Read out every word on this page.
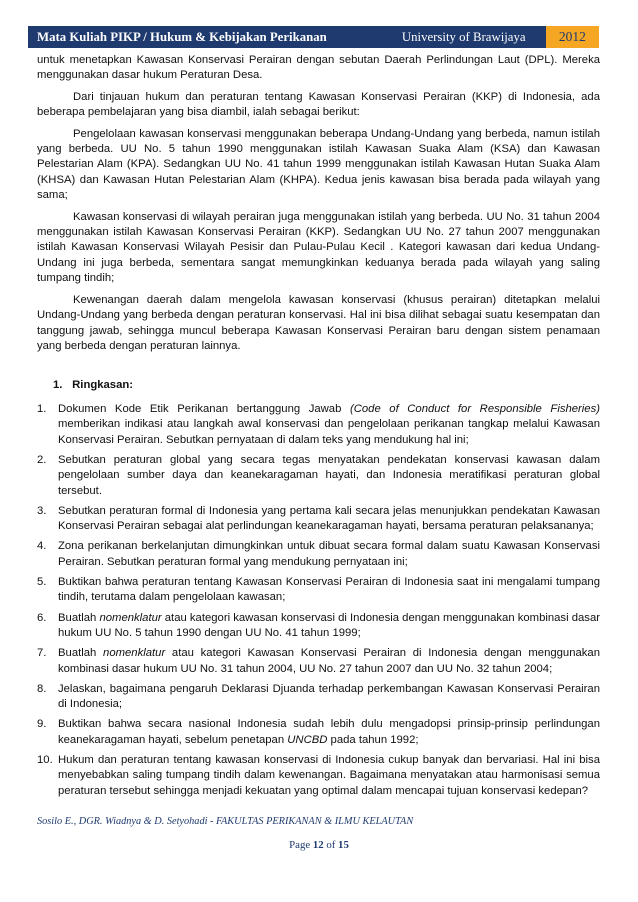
Mata Kuliah PIKP / Hukum & Kebijakan Perikanan	University of Brawijaya	2012

untuk menetapkan Kawasan Konservasi Perairan dengan sebutan Daerah Perlindungan Laut (DPL). Mereka menggunakan dasar hukum Peraturan Desa.

Dari tinjauan hukum dan peraturan tentang Kawasan Konservasi Perairan (KKP) di Indonesia, ada beberapa pembelajaran yang bisa diambil, ialah sebagai berikut:

Pengelolaan kawasan konservasi menggunakan beberapa Undang-Undang yang berbeda, namun istilah yang berbeda. UU No. 5 tahun 1990 menggunakan istilah Kawasan Suaka Alam (KSA) dan Kawasan Pelestarian Alam (KPA). Sedangkan UU No. 41 tahun 1999 menggunakan istilah Kawasan Hutan Suaka Alam (KHSA) dan Kawasan Hutan Pelestarian Alam (KHPA). Kedua jenis kawasan bisa berada pada wilayah yang sama;

Kawasan konservasi di wilayah perairan juga menggunakan istilah yang berbeda. UU No. 31 tahun 2004 menggunakan istilah Kawasan Konservasi Perairan (KKP). Sedangkan UU No. 27 tahun 2007 menggunakan istilah Kawasan Konservasi Wilayah Pesisir dan Pulau-Pulau Kecil . Kategori kawasan dari kedua Undang-Undang ini juga berbeda, sementara sangat memungkinkan keduanya berada pada wilayah yang saling tumpang tindih;

Kewenangan daerah dalam mengelola kawasan konservasi (khusus perairan) ditetapkan melalui Undang-Undang yang berbeda dengan peraturan konservasi. Hal ini bisa dilihat sebagai suatu kesempatan dan tanggung jawab, sehingga muncul beberapa Kawasan Konservasi Perairan baru dengan sistem penamaan yang berbeda dengan peraturan lainnya.

1. Ringkasan:
1. Dokumen Kode Etik Perikanan bertanggung Jawab (Code of Conduct for Responsible Fisheries) memberikan indikasi atau langkah awal konservasi dan pengelolaan perikanan tangkap melalui Kawasan Konservasi Perairan. Sebutkan pernyataan di dalam teks yang mendukung hal ini;
2. Sebutkan peraturan global yang secara tegas menyatakan pendekatan konservasi kawasan dalam pengelolaan sumber daya dan keanekaragaman hayati, dan Indonesia meratifikasi peraturan global tersebut.
3. Sebutkan peraturan formal di Indonesia yang pertama kali secara jelas menunjukkan pendekatan Kawasan Konservasi Perairan sebagai alat perlindungan keanekaragaman hayati, bersama peraturan pelaksananya;
4. Zona perikanan berkelanjutan dimungkinkan untuk dibuat secara formal dalam suatu Kawasan Konservasi Perairan. Sebutkan peraturan formal yang mendukung pernyataan ini;
5. Buktikan bahwa peraturan tentang Kawasan Konservasi Perairan di Indonesia saat ini mengalami tumpang tindih, terutama dalam pengelolaan kawasan;
6. Buatlah nomenklatur atau kategori kawasan konservasi di Indonesia dengan menggunakan kombinasi dasar hukum UU No. 5 tahun 1990 dengan UU No. 41 tahun 1999;
7. Buatlah nomenklatur atau kategori Kawasan Konservasi Perairan di Indonesia dengan menggunakan kombinasi dasar hukum UU No. 31 tahun 2004, UU No. 27 tahun 2007 dan UU No. 32 tahun 2004;
8. Jelaskan, bagaimana pengaruh Deklarasi Djuanda terhadap perkembangan Kawasan Konservasi Perairan di Indonesia;
9. Buktikan bahwa secara nasional Indonesia sudah lebih dulu mengadopsi prinsip-prinsip perlindungan keanekaragaman hayati, sebelum penetapan UNCBD pada tahun 1992;
10. Hukum dan peraturan tentang kawasan konservasi di Indonesia cukup banyak dan bervariasi. Hal ini bisa menyebabkan saling tumpang tindih dalam kewenangan. Bagaimana menyatakan atau harmonisasi semua peraturan tersebut sehingga menjadi kekuatan yang optimal dalam mencapai tujuan konservasi kedepan?
Sosilo E., DGR. Wiadnya & D. Setyohadi - FAKULTAS PERIKANAN & ILMU KELAUTAN
Page 12 of 15
